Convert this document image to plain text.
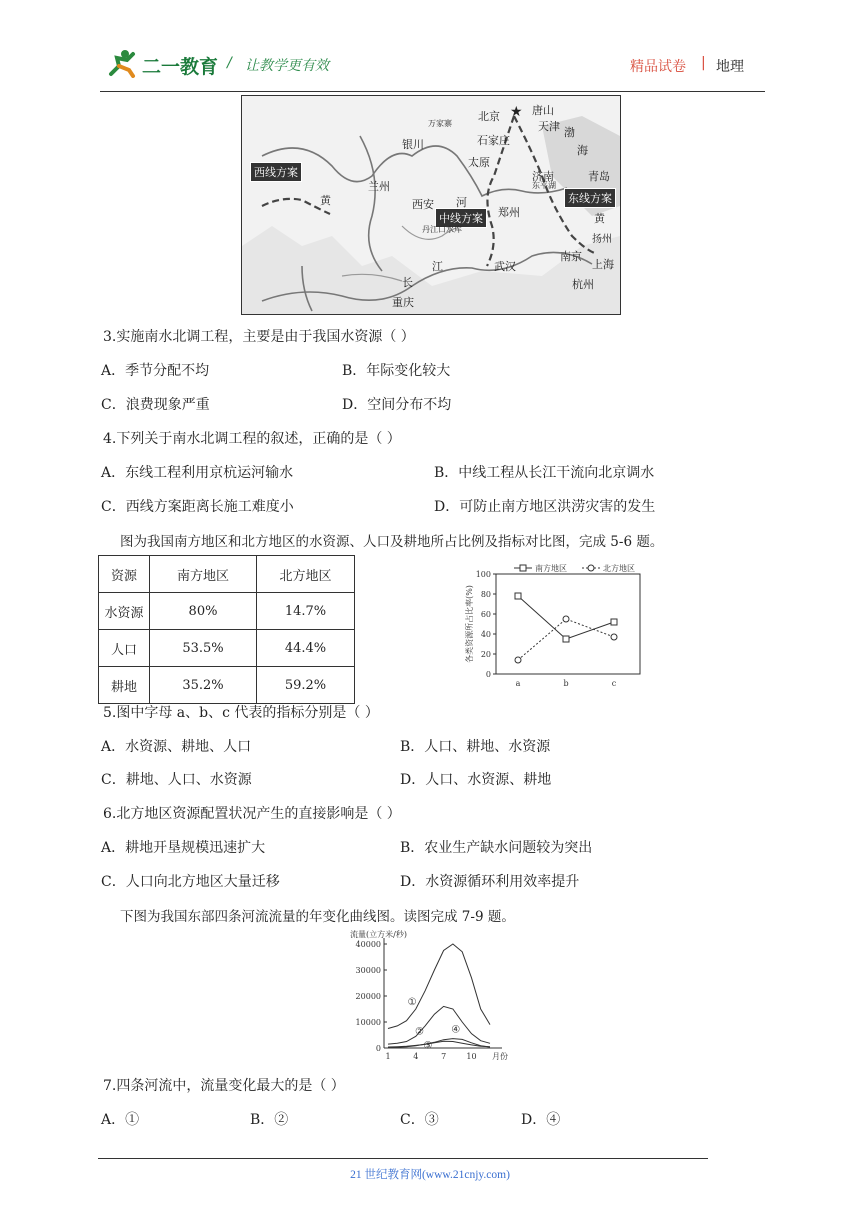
二一教育 / 让教学更有效	精品试卷 | 地理
西线方案
中线方案
东线方案
★
北京	唐山
天津
石家庄
太原
银川
兰州
西安
郑州
济南	青岛
武汉
南京
上海
杭州
重庆
扬州
万家寨
丹江口水库
东平湖
黄	河
江
长
渤
海
黄
3.实施南水北调工程，主要是由于我国水资源（ ）
A．季节分配不均	B．年际变化较大
C．浪费现象严重	D．空间分布不均
4.下列关于南水北调工程的叙述，正确的是（ ）
A．东线工程利用京杭运河输水	B．中线工程从长江干流向北京调水
C．西线方案距离长施工难度小	D．可防止南方地区洪涝灾害的发生
图为我国南方地区和北方地区的水资源、人口及耕地所占比例及指标对比图，完成 5-6 题。
资源	南方地区	北方地区
水资源	80%	14.7%
人口	53.5%	44.4%
耕地	35.2%	59.2%
0
20
40
60
80
100
a	b	c
各类资源所占比率(%)
南方地区	北方地区
5.图中字母 a、b、c 代表的指标分别是（ ）
A．水资源、耕地、人口	B．人口、耕地、水资源
C．耕地、人口、水资源	D．人口、水资源、耕地
6.北方地区资源配置状况产生的直接影响是（ ）
A．耕地开垦规模迅速扩大	B．农业生产缺水问题较为突出
C．人口向北方地区大量迁移	D．水资源循环利用效率提升
下图为我国东部四条河流流量的年变化曲线图。读图完成 7-9 题。
0
10000
20000
30000
40000
1	4	7	10 月份
流量(立方米/秒)
①
②
③
④
7.四条河流中，流量变化最大的是（ ）
A．①	B．②	C．③	D．④
21 世纪教育网(www.21cnjy.com)
